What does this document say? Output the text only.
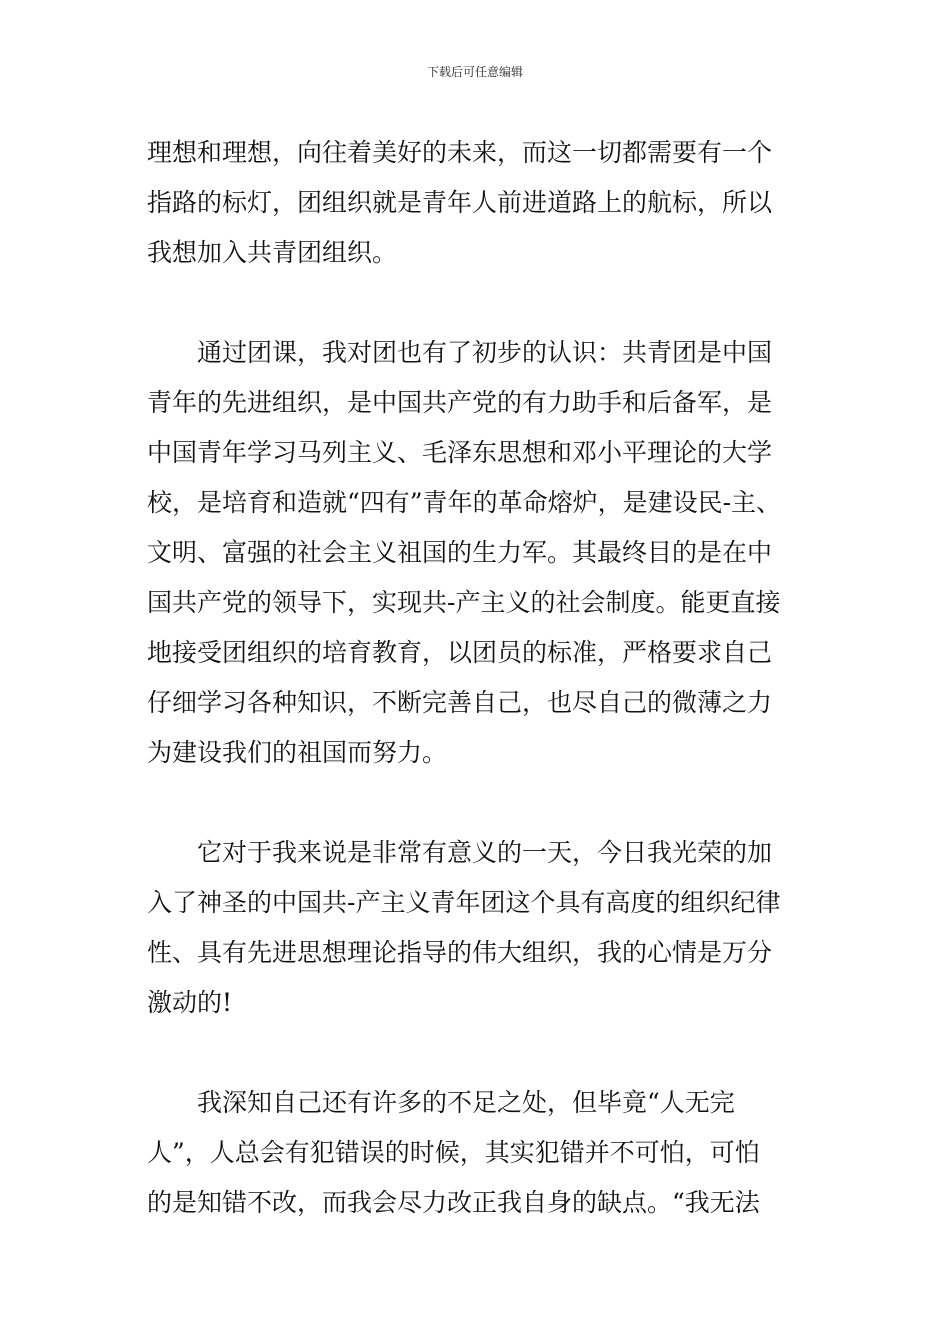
下载后可任意编辑
理想和理想，向往着美好的未来，而这一切都需要有一个
指路的标灯，团组织就是青年人前进道路上的航标，所以
我想加入共青团组织。
　　通过团课，我对团也有了初步的认识：共青团是中国
青年的先进组织，是中国共产党的有力助手和后备军，是
中国青年学习马列主义、毛泽东思想和邓小平理论的大学
校，是培育和造就“四有”青年的革命熔炉，是建设民-主、
文明、富强的社会主义祖国的生力军。其最终目的是在中
国共产党的领导下，实现共-产主义的社会制度。能更直接
地接受团组织的培育教育，以团员的标准，严格要求自己
仔细学习各种知识，不断完善自己，也尽自己的微薄之力
为建设我们的祖国而努力。
　　它对于我来说是非常有意义的一天，今日我光荣的加
入了神圣的中国共-产主义青年团这个具有高度的组织纪律
性、具有先进思想理论指导的伟大组织，我的心情是万分
激动的!
　　我深知自己还有许多的不足之处，但毕竟“人无完
人”，人总会有犯错误的时候，其实犯错并不可怕，可怕
的是知错不改，而我会尽力改正我自身的缺点。“我无法
